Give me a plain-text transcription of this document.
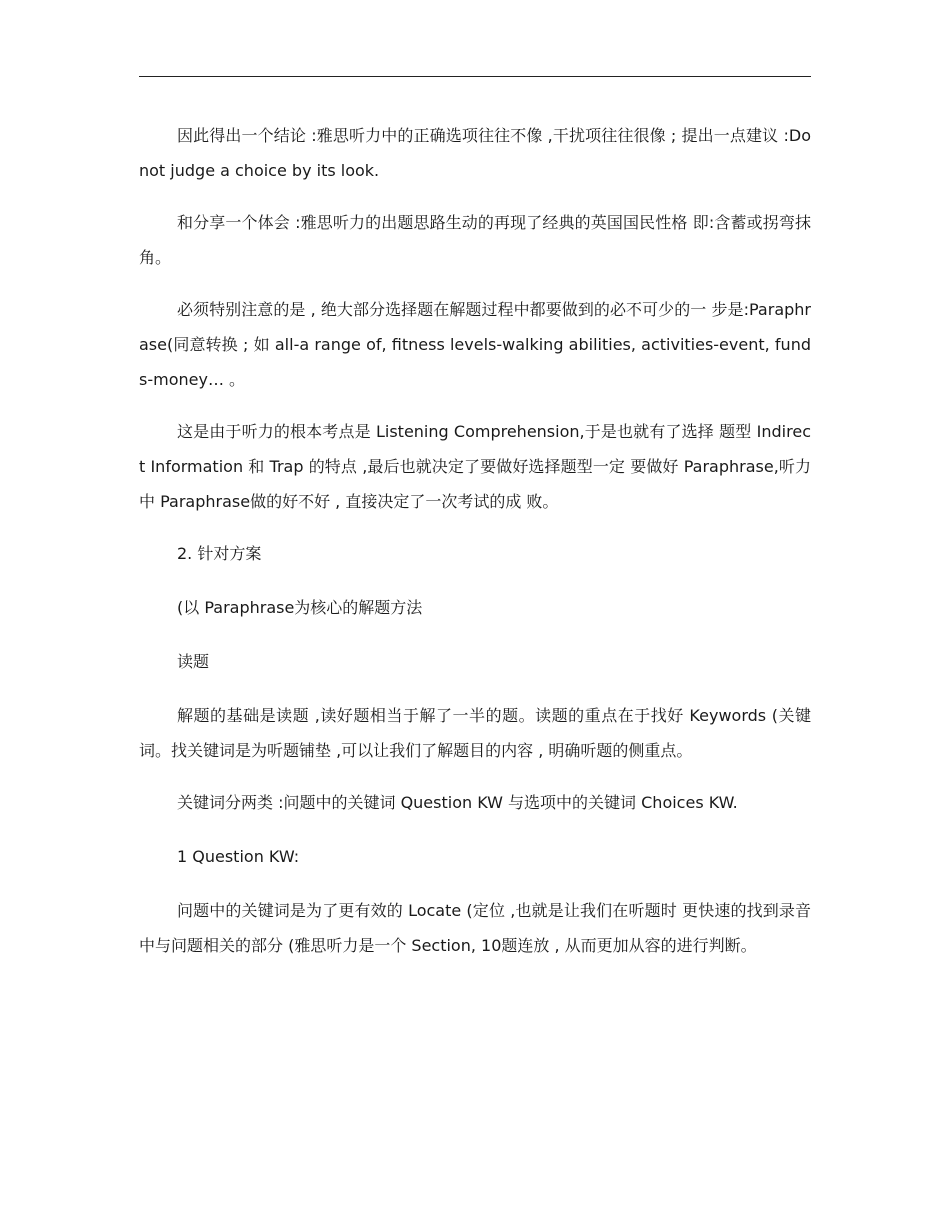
因此得出一个结论 :雅思听力中的正确选项往往不像 ,干扰项往往很像 ; 提出一点建议 :Do not judge a choice by its look.

和分享一个体会 :雅思听力的出题思路生动的再现了经典的英国国民性格 即:含蓄或拐弯抹角。

必须特别注意的是 , 绝大部分选择题在解题过程中都要做到的必不可少的一 步是:Paraphrase(同意转换 ; 如 all-a range of, fitness levels-walking abilities, activities-event, funds-money… 。

这是由于听力的根本考点是 Listening Comprehension,于是也就有了选择 题型 Indirect Information 和 Trap 的特点 ,最后也就决定了要做好选择题型一定 要做好 Paraphrase,听力中 Paraphrase做的好不好 , 直接决定了一次考试的成 败。

2. 针对方案

(以 Paraphrase为核心的解题方法

读题

解题的基础是读题 ,读好题相当于解了一半的题。读题的重点在于找好 Keywords (关键词。找关键词是为听题铺垫 ,可以让我们了解题目的内容 , 明确听题的侧重点。

关键词分两类 :问题中的关键词 Question KW 与选项中的关键词 Choices KW.

1 Question KW:

问题中的关键词是为了更有效的 Locate (定位 ,也就是让我们在听题时 更快速的找到录音中与问题相关的部分 (雅思听力是一个 Section, 10题连放 , 从而更加从容的进行判断。
